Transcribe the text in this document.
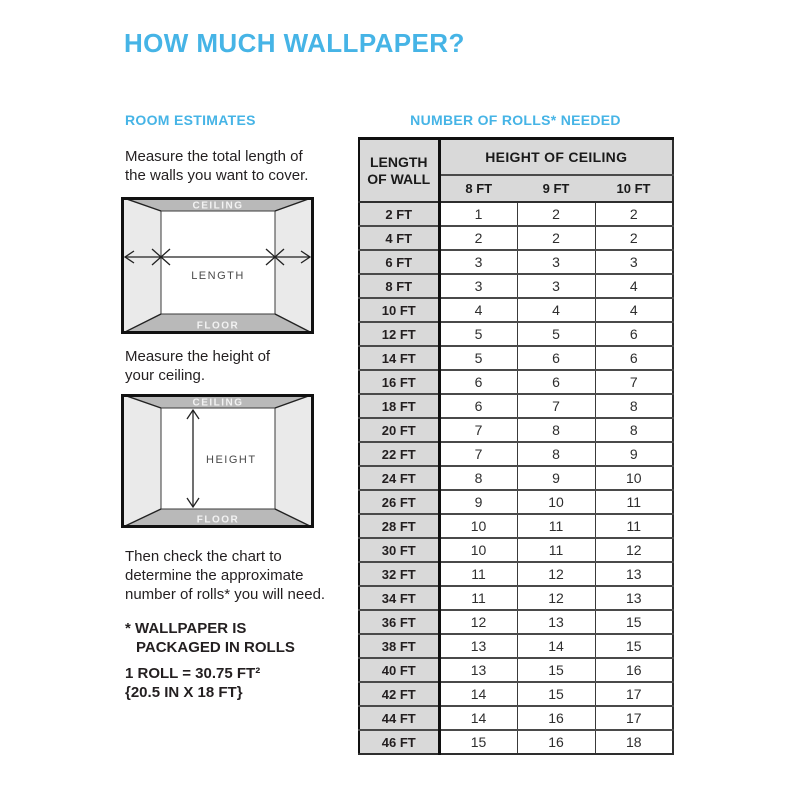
HOW MUCH WALLPAPER?
ROOM ESTIMATES

Measure the total length of
the walls you want to cover.

CEILING
FLOOR
LENGTH

Measure the height of
your ceiling.

CEILING
FLOOR
HEIGHT

Then check the chart to
determine the approximate
number of rolls* you will need.

* WALLPAPER IS
PACKAGED IN ROLLS

1 ROLL = 30.75 FT²
{20.5 IN X 18 FT}

NUMBER OF ROLLS* NEEDED
LENGTH
OF WALL	HEIGHT OF CEILING		
	8 FT	9 FT	10 FT
2 FT	1	2	2
4 FT	2	2	2
6 FT	3	3	3
8 FT	3	3	4
10 FT	4	4	4
12 FT	5	5	6
14 FT	5	6	6
16 FT	6	6	7
18 FT	6	7	8
20 FT	7	8	8
22 FT	7	8	9
24 FT	8	9	10
26 FT	9	10	11
28 FT	10	11	11
30 FT	10	11	12
32 FT	11	12	13
34 FT	11	12	13
36 FT	12	13	15
38 FT	13	14	15
40 FT	13	15	16
42 FT	14	15	17
44 FT	14	16	17
46 FT	15	16	18
